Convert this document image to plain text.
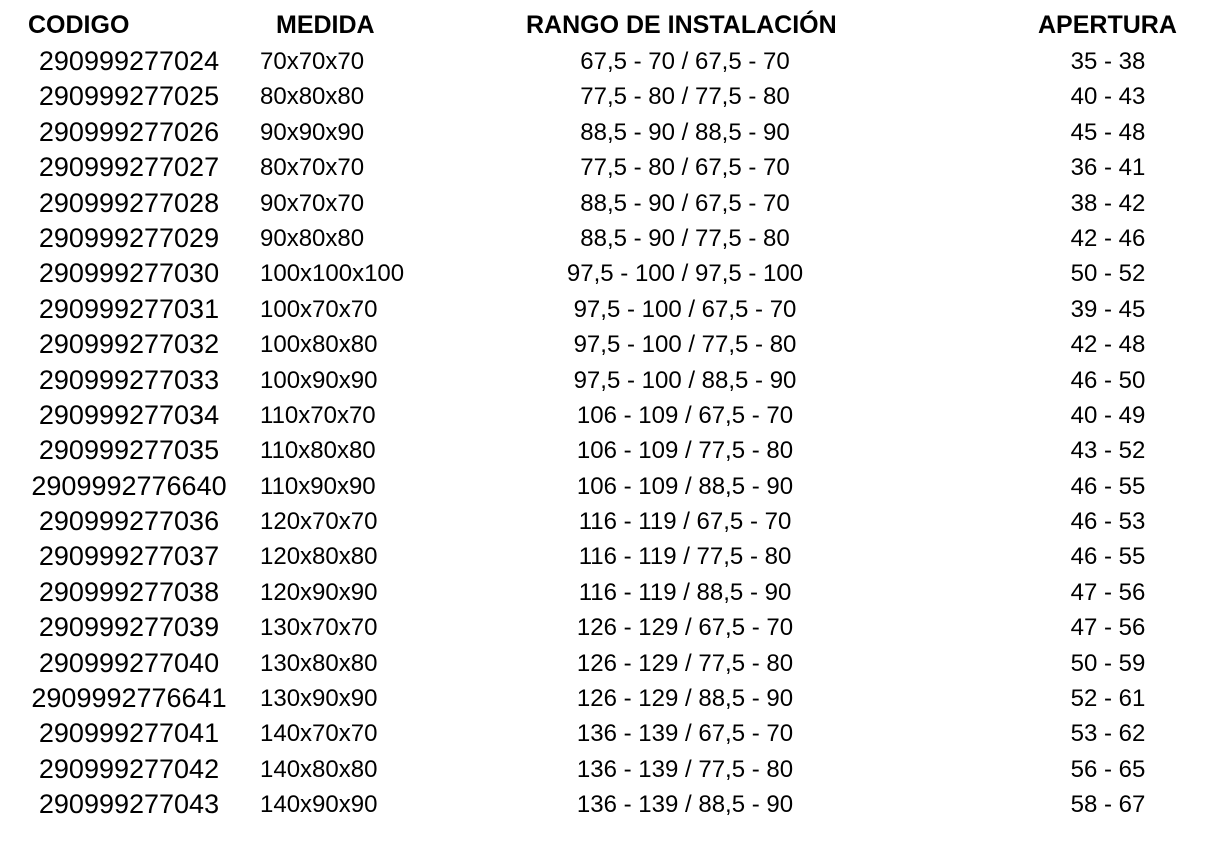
CODIGO	MEDIDA	RANGO DE INSTALACIÓN	APERTURA
290999277024	70x70x70	67,5 - 70 / 67,5 - 70	35 - 38
290999277025	80x80x80	77,5 - 80 / 77,5 - 80	40 - 43
290999277026	90x90x90	88,5 - 90 / 88,5 - 90	45 - 48
290999277027	80x70x70	77,5 - 80 / 67,5 - 70	36 - 41
290999277028	90x70x70	88,5 - 90 / 67,5 - 70	38 - 42
290999277029	90x80x80	88,5 - 90 / 77,5 - 80	42 - 46
290999277030	100x100x100	97,5 - 100 / 97,5 - 100	50 - 52
290999277031	100x70x70	97,5 - 100 / 67,5 - 70	39 - 45
290999277032	100x80x80	97,5 - 100 / 77,5 - 80	42 - 48
290999277033	100x90x90	97,5 - 100 / 88,5 - 90	46 - 50
290999277034	110x70x70	106 - 109 / 67,5 - 70	40 - 49
290999277035	110x80x80	106 - 109 / 77,5 - 80	43 - 52
2909992776640 110x90x90	106 - 109 / 88,5 - 90	46 - 55
290999277036	120x70x70	116 - 119 / 67,5 - 70	46 - 53
290999277037	120x80x80	116 - 119 / 77,5 - 80	46 - 55
290999277038	120x90x90	116 - 119 / 88,5 - 90	47 - 56
290999277039	130x70x70	126 - 129 / 67,5 - 70	47 - 56
290999277040	130x80x80	126 - 129 / 77,5 - 80	50 - 59
2909992776641 130x90x90	126 - 129 / 88,5 - 90	52 - 61
290999277041	140x70x70	136 - 139 / 67,5 - 70	53 - 62
290999277042	140x80x80	136 - 139 / 77,5 - 80	56 - 65
290999277043	140x90x90	136 - 139 / 88,5 - 90	58 - 67
